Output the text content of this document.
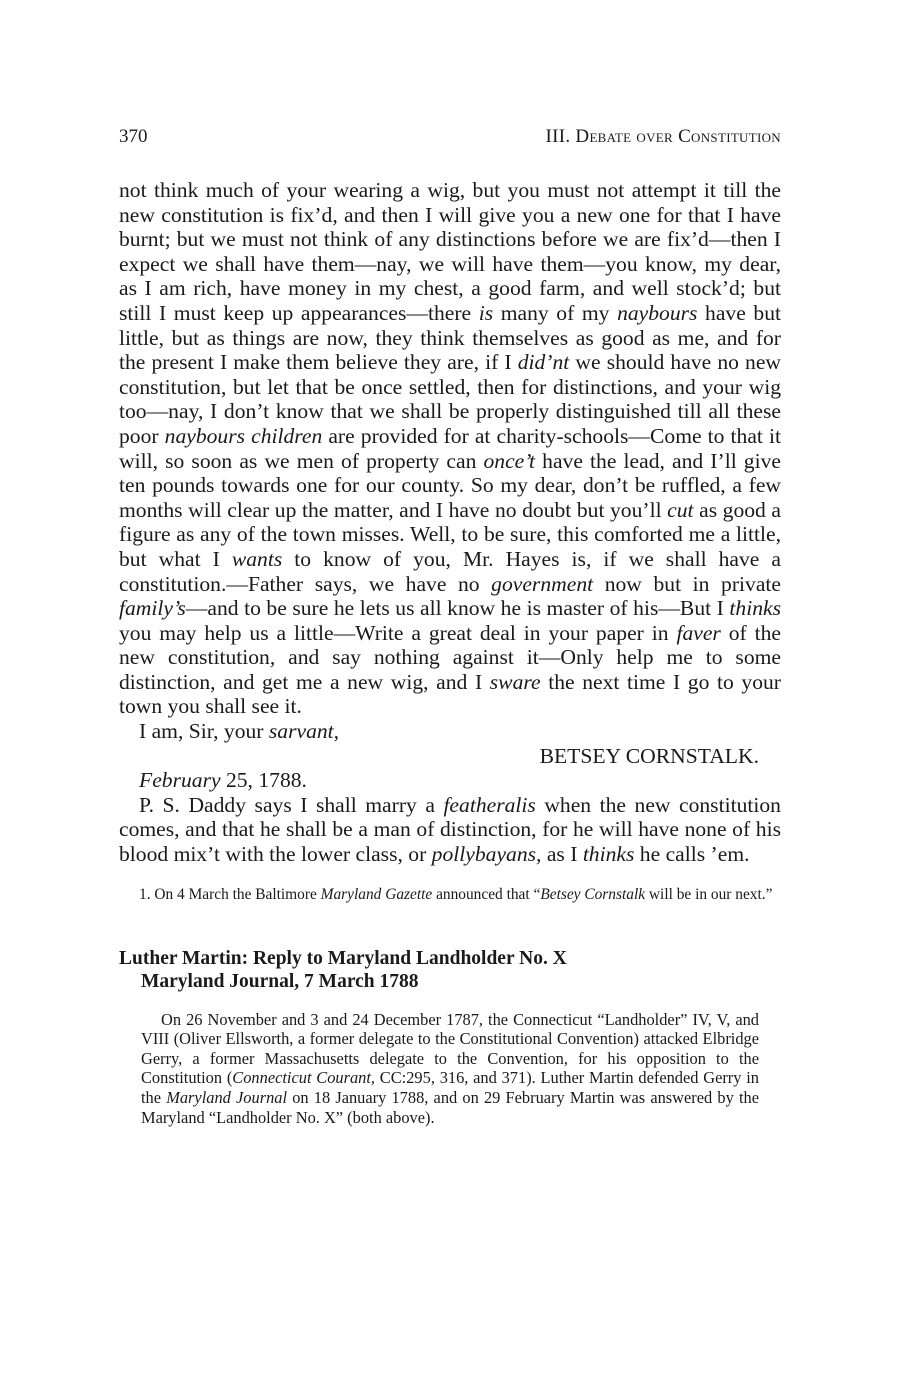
370	III. Debate over Constitution

not think much of your wearing a wig, but you must not attempt it till the new constitution is fix’d, and then I will give you a new one for that I have burnt; but we must not think of any distinctions before we are fix’d—then I expect we shall have them—nay, we will have them—you know, my dear, as I am rich, have money in my chest, a good farm, and well stock’d; but still I must keep up appearances—there is many of my naybours have but little, but as things are now, they think themselves as good as me, and for the present I make them believe they are, if I did’nt we should have no new constitution, but let that be once settled, then for distinctions, and your wig too—nay, I don’t know that we shall be properly distinguished till all these poor naybours children are provided for at charity-schools—Come to that it will, so soon as we men of property can once’t have the lead, and I’ll give ten pounds towards one for our county. So my dear, don’t be ruffled, a few months will clear up the matter, and I have no doubt but you’ll cut as good a figure as any of the town misses. Well, to be sure, this comforted me a little, but what I wants to know of you, Mr. Hayes is, if we shall have a constitution.—Father says, we have no government now but in private family’s—and to be sure he lets us all know he is master of his—But I thinks you may help us a little—Write a great deal in your paper in faver of the new constitution, and say nothing against it—Only help me to some distinction, and get me a new wig, and I sware the next time I go to your town you shall see it.

I am, Sir, your sarvant,

BETSEY CORNSTALK.

February 25, 1788.

P. S. Daddy says I shall marry a featheralis when the new constitution comes, and that he shall be a man of distinction, for he will have none of his blood mix’t with the lower class, or pollybayans, as I thinks he calls ’em.

1. On 4 March the Baltimore Maryland Gazette announced that “Betsey Cornstalk will be in our next.”

Luther Martin: Reply to Maryland Landholder No. X
Maryland Journal, 7 March 1788

On 26 November and 3 and 24 December 1787, the Connecticut “Landholder” IV, V, and VIII (Oliver Ellsworth, a former delegate to the Constitutional Convention) attacked Elbridge Gerry, a former Massachusetts delegate to the Convention, for his opposition to the Constitution (Connecticut Courant, CC:295, 316, and 371). Luther Martin defended Gerry in the Maryland Journal on 18 January 1788, and on 29 February Martin was answered by the Maryland “Landholder No. X” (both above).
